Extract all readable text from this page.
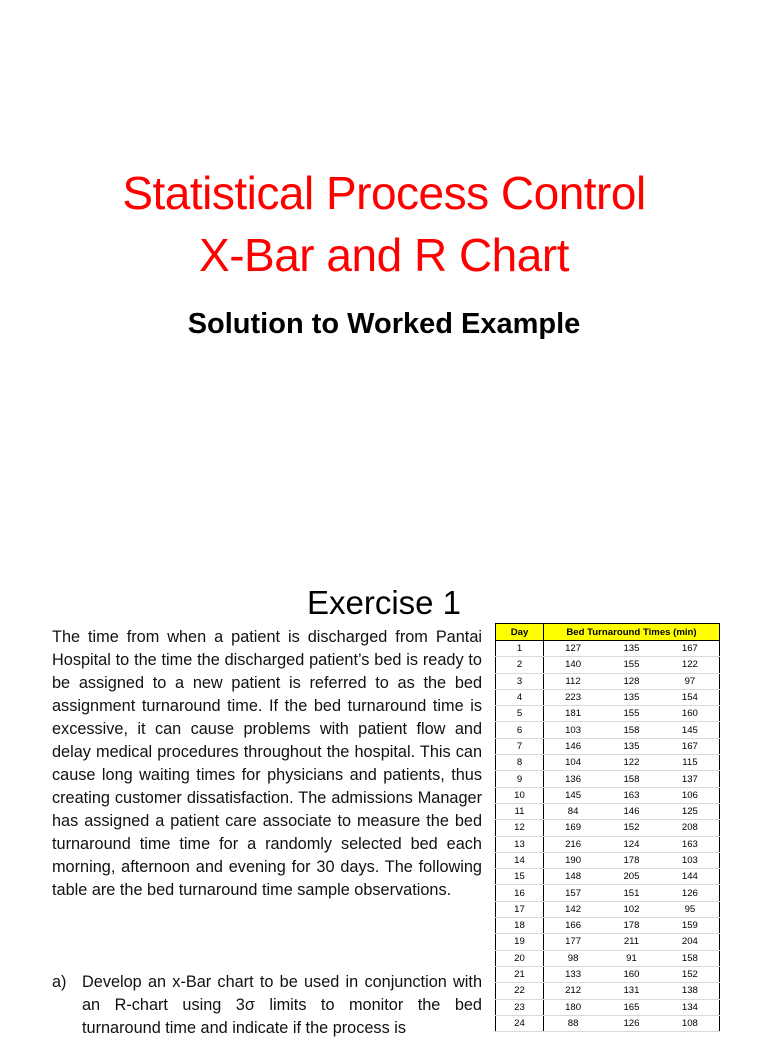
Statistical Process Control
X-Bar and R Chart
Solution to Worked Example
Exercise 1
The time from when a patient is discharged from Pantai Hospital to the time the discharged patient’s bed is ready to be assigned to a new patient is referred to as the bed assignment turnaround time. If the bed turnaround time is excessive, it can cause problems with patient flow and delay medical procedures throughout the hospital. This can cause long waiting times for physicians and patients, thus creating customer dissatisfaction. The admissions Manager has assigned a patient care associate to measure the bed turnaround time time for a randomly selected bed each morning, afternoon and evening for 30 days. The following table are the bed turnaround time sample observations.
a) Develop an x-Bar chart to be used in conjunction with an R-chart using 3σ limits to monitor the bed turnaround time and indicate if the process is
Day	Bed Turnaround Times (min)		
1	127	135	167
2	140	155	122
3	112	128	97
4	223	135	154
5	181	155	160
6	103	158	145
7	146	135	167
8	104	122	115
9	136	158	137
10	145	163	106
11	84	146	125
12	169	152	208
13	216	124	163
14	190	178	103
15	148	205	144
16	157	151	126
17	142	102	95
18	166	178	159
19	177	211	204
20	98	91	158
21	133	160	152
22	212	131	138
23	180	165	134
24	88	126	108
